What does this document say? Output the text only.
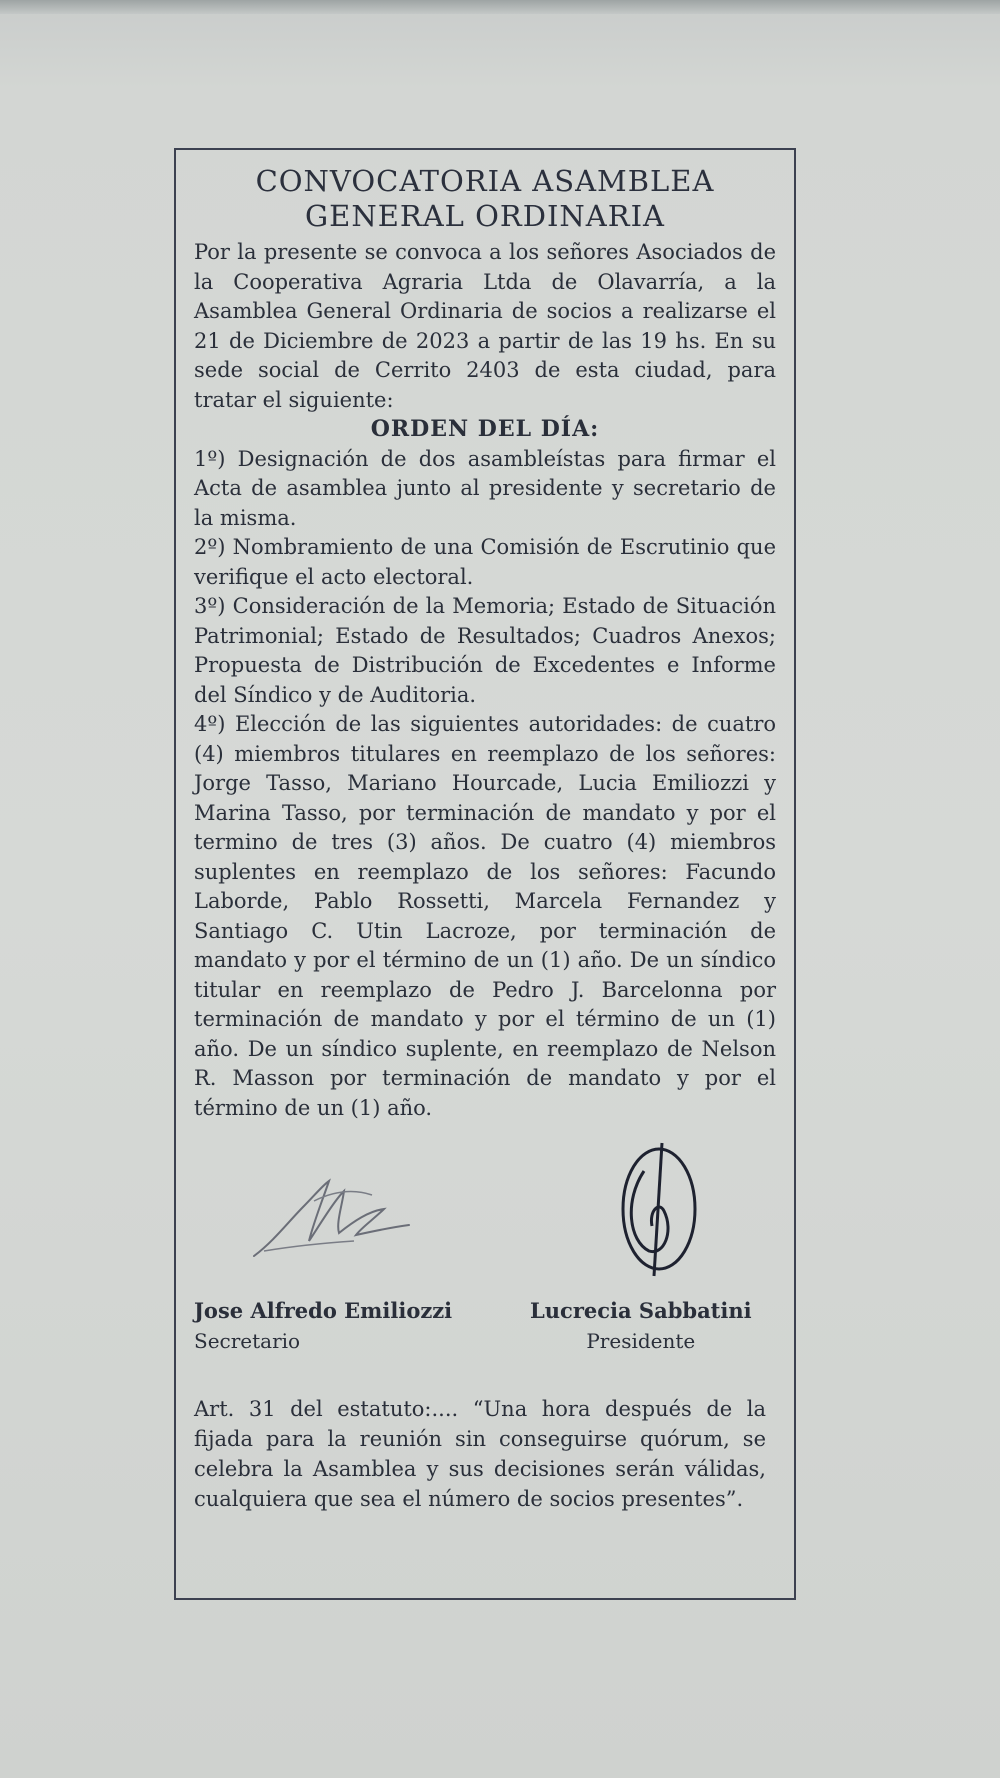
CONVOCATORIA ASAMBLEA
GENERAL ORDINARIA

Por la presente se convoca a los señores Asociados de la Cooperativa Agraria Ltda de Olavarría, a la Asamblea General Ordinaria de socios a realizarse el 21 de Diciembre de 2023 a partir de las 19 hs. En su sede social de Cerrito 2403 de esta ciudad, para tratar el siguiente:

ORDEN DEL DÍA:

1º) Designación de dos asambleístas para firmar el Acta de asamblea junto al presidente y secretario de la misma.

2º) Nombramiento de una Comisión de Escrutinio que verifique el acto electoral.

3º) Consideración de la Memoria; Estado de Situación Patrimonial; Estado de Resultados; Cuadros Anexos; Propuesta de Distribución de Excedentes e Informe del Síndico y de Auditoria.

4º) Elección de las siguientes autoridades: de cuatro (4) miembros titulares en reemplazo de los señores: Jorge Tasso, Mariano Hourcade, Lucia Emiliozzi y Marina Tasso, por terminación de mandato y por el termino de tres (3) años. De cuatro (4) miembros suplentes en reemplazo de los señores: Facundo Laborde, Pablo Rossetti, Marcela Fernandez y Santiago C. Utin Lacroze, por terminación de mandato y por el término de un (1) año. De un síndico titular en reemplazo de Pedro J. Barcelonna por terminación de mandato y por el término de un (1) año. De un síndico suplente, en reemplazo de Nelson R. Masson por terminación de mandato y por el término de un (1) año.

Jose Alfredo Emiliozzi
Secretario
Lucrecia Sabbatini
Presidente

Art. 31 del estatuto:.... “Una hora después de la fijada para la reunión sin conseguirse quórum, se celebra la Asamblea y sus decisiones serán válidas, cualquiera que sea el número de socios presentes”.
